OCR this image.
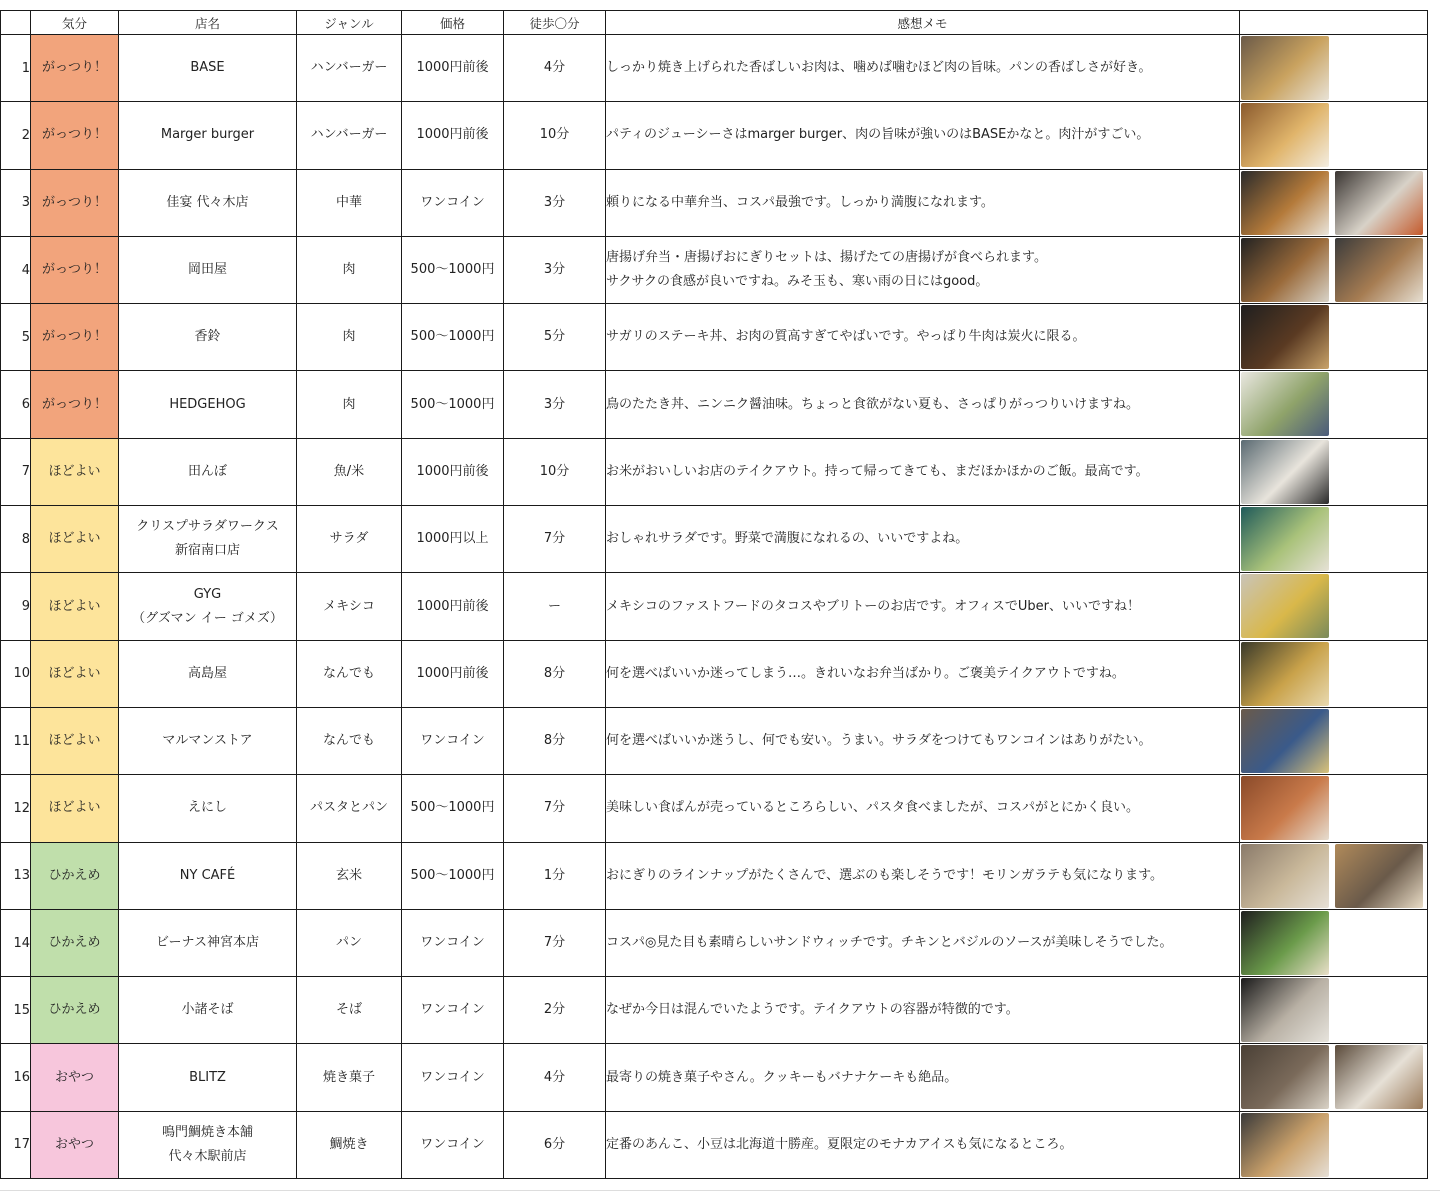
	気分	店名	ジャンル	価格	徒歩〇分	感想メモ	
1	がっつり！	BASE	ハンバーガー	1000円前後	4分	しっかり焼き上げられた香ばしいお肉は、噛めば噛むほど肉の旨味。パンの香ばしさが好き。	

2	がっつり！	Marger burger	ハンバーガー	1000円前後	10分	パティのジューシーさはmarger burger、肉の旨味が強いのはBASEかなと。肉汁がすごい。	

3	がっつり！	佳宴 代々木店	中華	ワンコイン	3分	頼りになる中華弁当、コスパ最強です。しっかり満腹になれます。	

4	がっつり！	岡田屋	肉	500〜1000円	3分	唐揚げ弁当・唐揚げおにぎりセットは、揚げたての唐揚げが食べられます。
サクサクの食感が良いですね。みそ玉も、寒い雨の日にはgood。	

5	がっつり！	香鈴	肉	500〜1000円	5分	サガリのステーキ丼、お肉の質高すぎてやばいです。やっぱり牛肉は炭火に限る。	

6	がっつり！	HEDGEHOG	肉	500〜1000円	3分	鳥のたたき丼、ニンニク醤油味。ちょっと食欲がない夏も、さっぱりがっつりいけますね。	

7	ほどよい	田んぼ	魚/米	1000円前後	10分	お米がおいしいお店のテイクアウト。持って帰ってきても、まだほかほかのご飯。最高です。	

8	ほどよい	クリスプサラダワークス
新宿南口店	サラダ	1000円以上	7分	おしゃれサラダです。野菜で満腹になれるの、いいですよね。	

9	ほどよい	GYG
（グズマン イー ゴメズ）	メキシコ	1000円前後	ー	メキシコのファストフードのタコスやブリトーのお店です。オフィスでUber、いいですね！	

10	ほどよい	高島屋	なんでも	1000円前後	8分	何を選べばいいか迷ってしまう…。きれいなお弁当ばかり。ご褒美テイクアウトですね。	

11	ほどよい	マルマンストア	なんでも	ワンコイン	8分	何を選べばいいか迷うし、何でも安い。うまい。サラダをつけてもワンコインはありがたい。	

12	ほどよい	えにし	パスタとパン	500〜1000円	7分	美味しい食ぱんが売っているところらしい、パスタ食べましたが、コスパがとにかく良い。	

13	ひかえめ	NY CAFÉ	玄米	500〜1000円	1分	おにぎりのラインナップがたくさんで、選ぶのも楽しそうです！モリンガラテも気になります。	

14	ひかえめ	ビーナス神宮本店	パン	ワンコイン	7分	コスパ◎見た目も素晴らしいサンドウィッチです。チキンとバジルのソースが美味しそうでした。	

15	ひかえめ	小諸そば	そば	ワンコイン	2分	なぜか今日は混んでいたようです。テイクアウトの容器が特徴的です。	

16	おやつ	BLITZ	焼き菓子	ワンコイン	4分	最寄りの焼き菓子やさん。クッキーもバナナケーキも絶品。	

17	おやつ	鳴門鯛焼き本舗
代々木駅前店	鯛焼き	ワンコイン	6分	定番のあんこ、小豆は北海道十勝産。夏限定のモナカアイスも気になるところ。	
